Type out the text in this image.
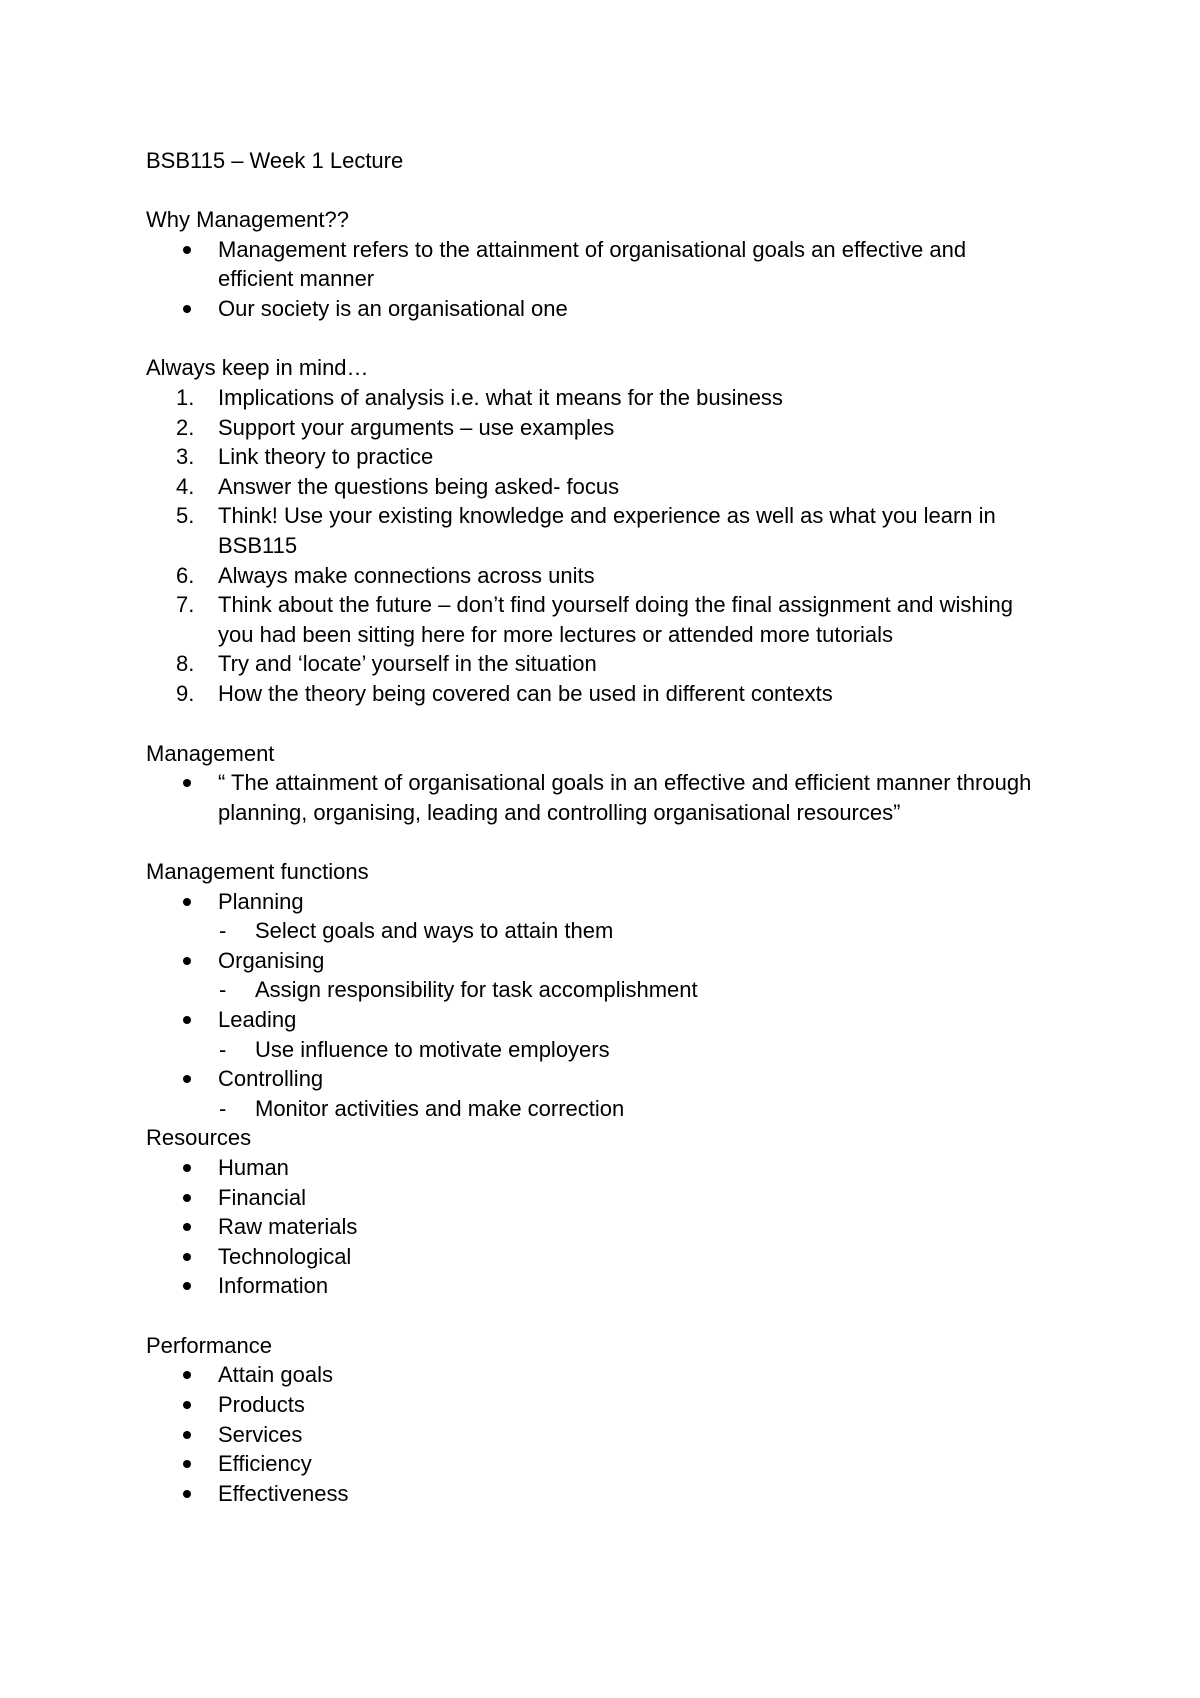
BSB115 – Week 1 Lecture
Why Management??
Management refers to the attainment of organisational goals an effective and
efficient manner
Our society is an organisational one
Always keep in mind…
1.	Implications of analysis i.e. what it means for the business
2.	Support your arguments – use examples
3.	Link theory to practice
4.	Answer the questions being asked- focus
5.	Think! Use your existing knowledge and experience as well as what you learn in
BSB115
6.	Always make connections across units
7.	Think about the future – don’t find yourself doing the final assignment and wishing
you had been sitting here for more lectures or attended more tutorials
8.	Try and ‘locate’ yourself in the situation
9.	How the theory being covered can be used in different contexts
Management
“ The attainment of organisational goals in an effective and efficient manner through
planning, organising, leading and controlling organisational resources”
Management functions
Planning
- Select goals and ways to attain them
Organising
- Assign responsibility for task accomplishment
Leading
- Use influence to motivate employers
Controlling
- Monitor activities and make correction
Resources
Human
Financial
Raw materials
Technological
Information
Performance
Attain goals
Products
Services
Efficiency
Effectiveness
